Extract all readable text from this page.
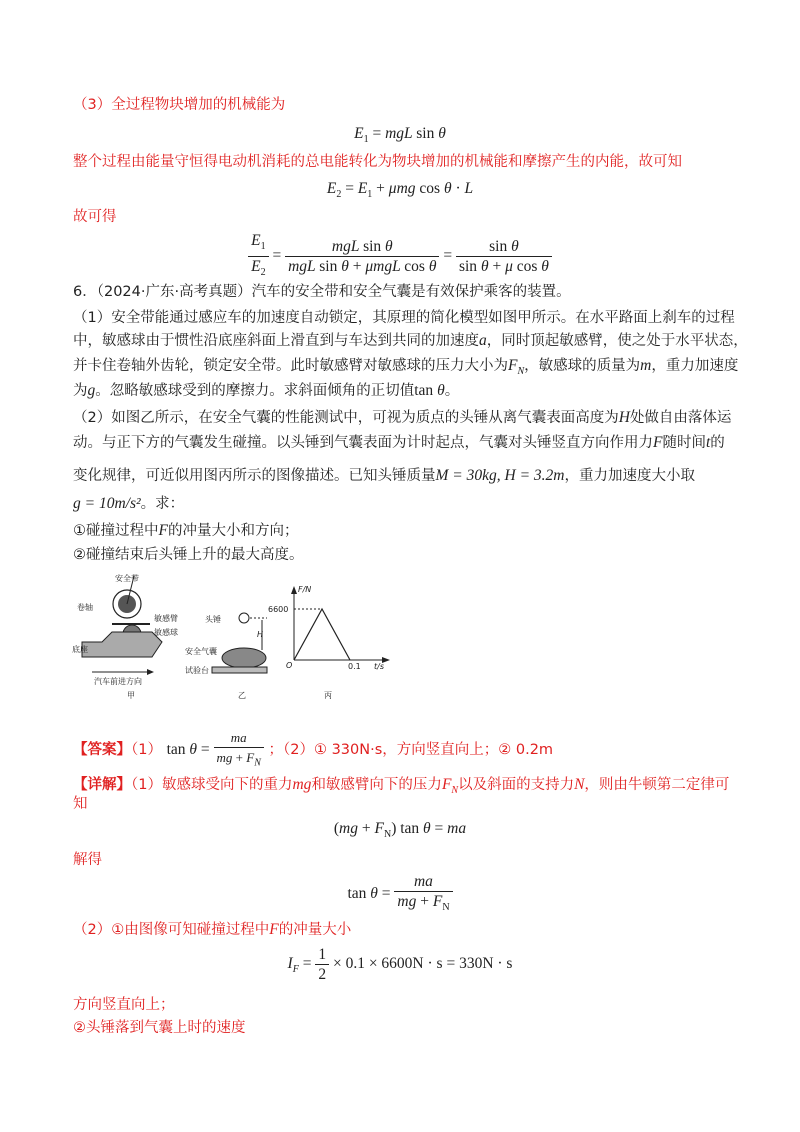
（3）全过程物块增加的机械能为
$E_1$ = mgL sin θ
整个过程由能量守恒得电动机消耗的总电能转化为物块增加的机械能和摩擦产生的内能，故可知
$E_2 = E_1 + \mu mg$ cos θ · L
故可得
$\frac{E_1}{E_2} = \frac{\text{mgL sin θ}}{\text{mgL sin θ + μmgL cos θ}} = \frac{\text{sin θ}}{\text{sin θ + μ cos θ}}$
6．（2024·广东·高考真题）汽车的安全带和安全气囊是有效保护乘客的装置。
（1）安全带能通过感应车的加速度自动锁定，其原理的简化模型如图甲所示。在水平路面上刹车的过程
中，敏感球由于惯性沿底座斜面上滑直到与车达到共同的加速度a，同时顶起敏感臂，使之处于水平状态，
并卡住卷轴外齿轮，锁定安全带。此时敏感臂对敏感球的压力大小为$F_N$，敏感球的质量为m，重力加速度
为g。忽略敏感球受到的摩擦力。求斜面倾角的正切值tan θ。
（2）如图乙所示，在安全气囊的性能测试中，可视为质点的头锤从离气囊表面高度为H处做自由落体运
动。与正下方的气囊发生碰撞。以头锤到气囊表面为计时起点，气囊对头锤竖直方向作用力F随时间t的
变化规律，可近似用图丙所示的图像描述。已知头锤质量M = 30kg, H = 3.2m，重力加速度大小取
g = 10m/s²。求：
①碰撞过程中F的冲量大小和方向；
②碰撞结束后头锤上升的最大高度。
安全带
卷轴
敏感臂
敏感球
底座
汽车前进方向
甲
头锤
H
安全气囊
试验台
乙
F/N
t/s
O
6600
0.1
丙
【答案】（1） $\tan \theta = \frac{ma}{mg + F_N}$ ；（2）① 330N·s，方向竖直向上；② 0.2m
【详解】（1）敏感球受向下的重力mg和敏感臂向下的压力$F_N$以及斜面的支持力N，则由牛顿第二定律可
知
$(mg + F_N)$ tan θ = ma
解得
$\tan \theta = \frac{ma}{mg + F_N}$
（2）①由图像可知碰撞过程中F的冲量大小
$I_F = \frac{1}{2} \times 0.1 \times 6600N \cdot s = 330N \cdot s$
方向竖直向上；
②头锤落到气囊上时的速度
